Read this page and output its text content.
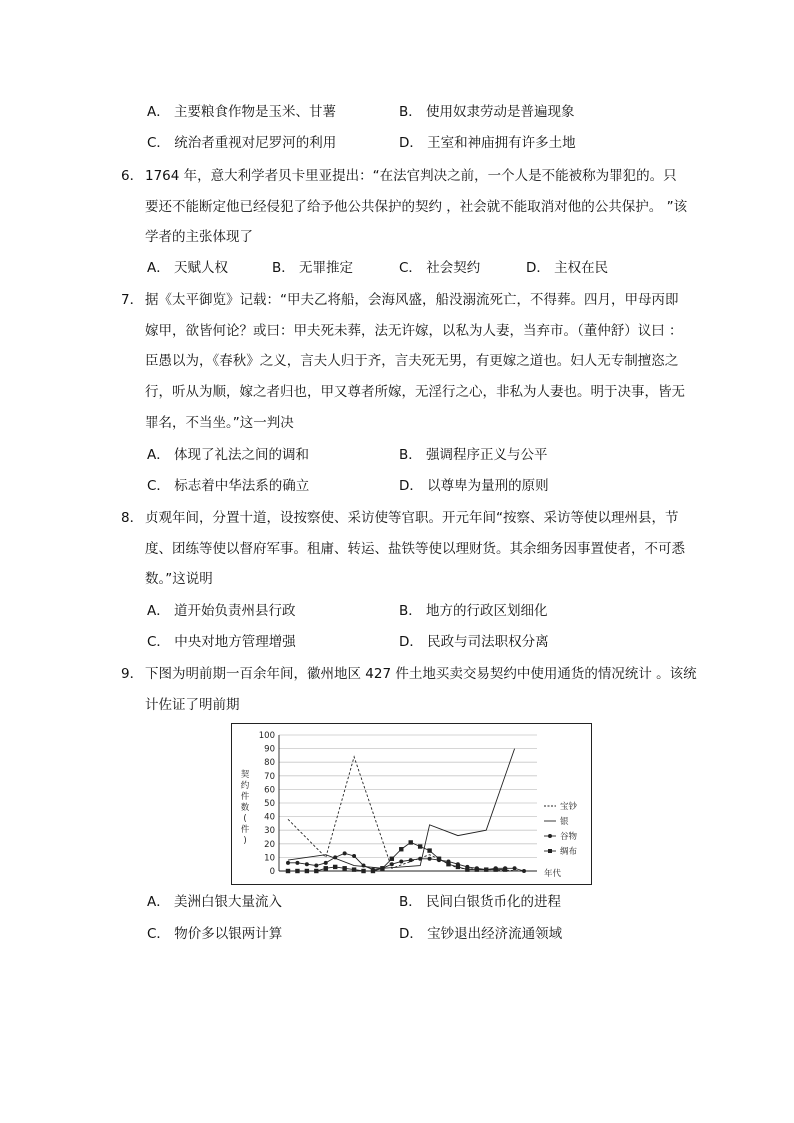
A． 主要粮食作物是玉米、甘薯	B． 使用奴隶劳动是普遍现象
C． 统治者重视对尼罗河的利用	D． 王室和神庙拥有许多土地
6． 1764 年，意大利学者贝卡里亚提出：“在法官判决之前，一个人是不能被称为罪犯的。只
要还不能断定他已经侵犯了给予他公共保护的契约 ，社会就不能取消对他的公共保护。 ”该
学者的主张体现了
A． 天赋人权	B． 无罪推定	C． 社会契约	D． 主权在民
7． 据《太平御览》记载：“甲夫乙将船，会海风盛，船没溺流死亡，不得葬。四月，甲母丙即
嫁甲，欲皆何论？或曰：甲夫死未葬，法无许嫁，以私为人妻，当弃市。（董仲舒）议曰 ：
臣愚以为，《春秋》之义，言夫人归于齐，言夫死无男，有更嫁之道也。妇人无专制擅恣之
行，听从为顺，嫁之者归也，甲又尊者所嫁，无淫行之心，非私为人妻也。明于决事，皆无
罪名，不当坐。”这一判决
A． 体现了礼法之间的调和	B． 强调程序正义与公平
C． 标志着中华法系的确立	D． 以尊卑为量刑的原则
8． 贞观年间，分置十道，设按察使、采访使等官职。开元年间“按察、采访等使以理州县，节
度、团练等使以督府军事。租庸、转运、盐铁等使以理财货。其余细务因事置使者，不可悉
数。”这说明
A． 道开始负责州县行政	B． 地方的行政区划细化
C． 中央对地方管理增强	D． 民政与司法职权分离
9． 下图为明前期一百余年间，徽州地区 427 件土地买卖交易契约中使用通货的情况统计 。该统
计佐证了明前期
0
10
20
30
40
50
60
70
80
90
100
契
约
件
数
(
件
)
年代
宝钞
银
谷物
绸布
A． 美洲白银大量流入	B． 民间白银货币化的进程
C． 物价多以银两计算	D． 宝钞退出经济流通领域
